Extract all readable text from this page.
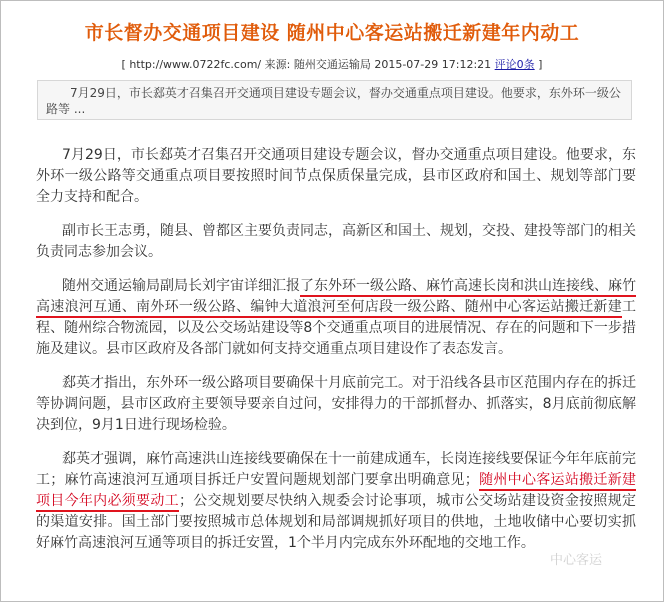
市长督办交通项目建设 随州中心客运站搬迁新建年内动工
[ http://www.0722fc.com/ 来源: 随州交通运输局 2015-07-29 17:12:21 评论0条 ]
7月29日，市长郄英才召集召开交通项目建设专题会议，督办交通重点项目建设。他要求，东外环一级公路等 ...

7月29日，市长郄英才召集召开交通项目建设专题会议，督办交通重点项目建设。他要求，东外环一级公路等交通重点项目要按照时间节点保质保量完成，县市区政府和国土、规划等部门要全力支持和配合。

副市长王志勇，随县、曾都区主要负责同志，高新区和国土、规划，交投、建投等部门的相关负责同志参加会议。

随州交通运输局副局长刘宇宙详细汇报了东外环一级公路、麻竹高速长岗和洪山连接线、麻竹高速浪河互通、南外环一级公路、编钟大道浪河至何店段一级公路、随州中心客运站搬迁新建工程、随州综合物流园，以及公交场站建设等8个交通重点项目的进展情况、存在的问题和下一步措施及建议。县市区政府及各部门就如何支持交通重点项目建设作了表态发言。

郄英才指出，东外环一级公路项目要确保十月底前完工。对于沿线各县市区范围内存在的拆迁等协调问题，县市区政府主要领导要亲自过问，安排得力的干部抓督办、抓落实，8月底前彻底解决到位，9月1日进行现场检验。

郄英才强调，麻竹高速洪山连接线要确保在十一前建成通车，长岗连接线要保证今年年底前完工；麻竹高速浪河互通项目拆迁户安置问题规划部门要拿出明确意见；随州中心客运站搬迁新建项目今年内必须要动工；公交规划要尽快纳入规委会讨论事项，城市公交场站建设资金按照规定的渠道安排。国土部门要按照城市总体规划和局部调规抓好项目的供地，土地收储中心要切实抓好麻竹高速浪河互通等项目的拆迁安置，1个半月内完成东外环配地的交地工作。

中心客运
